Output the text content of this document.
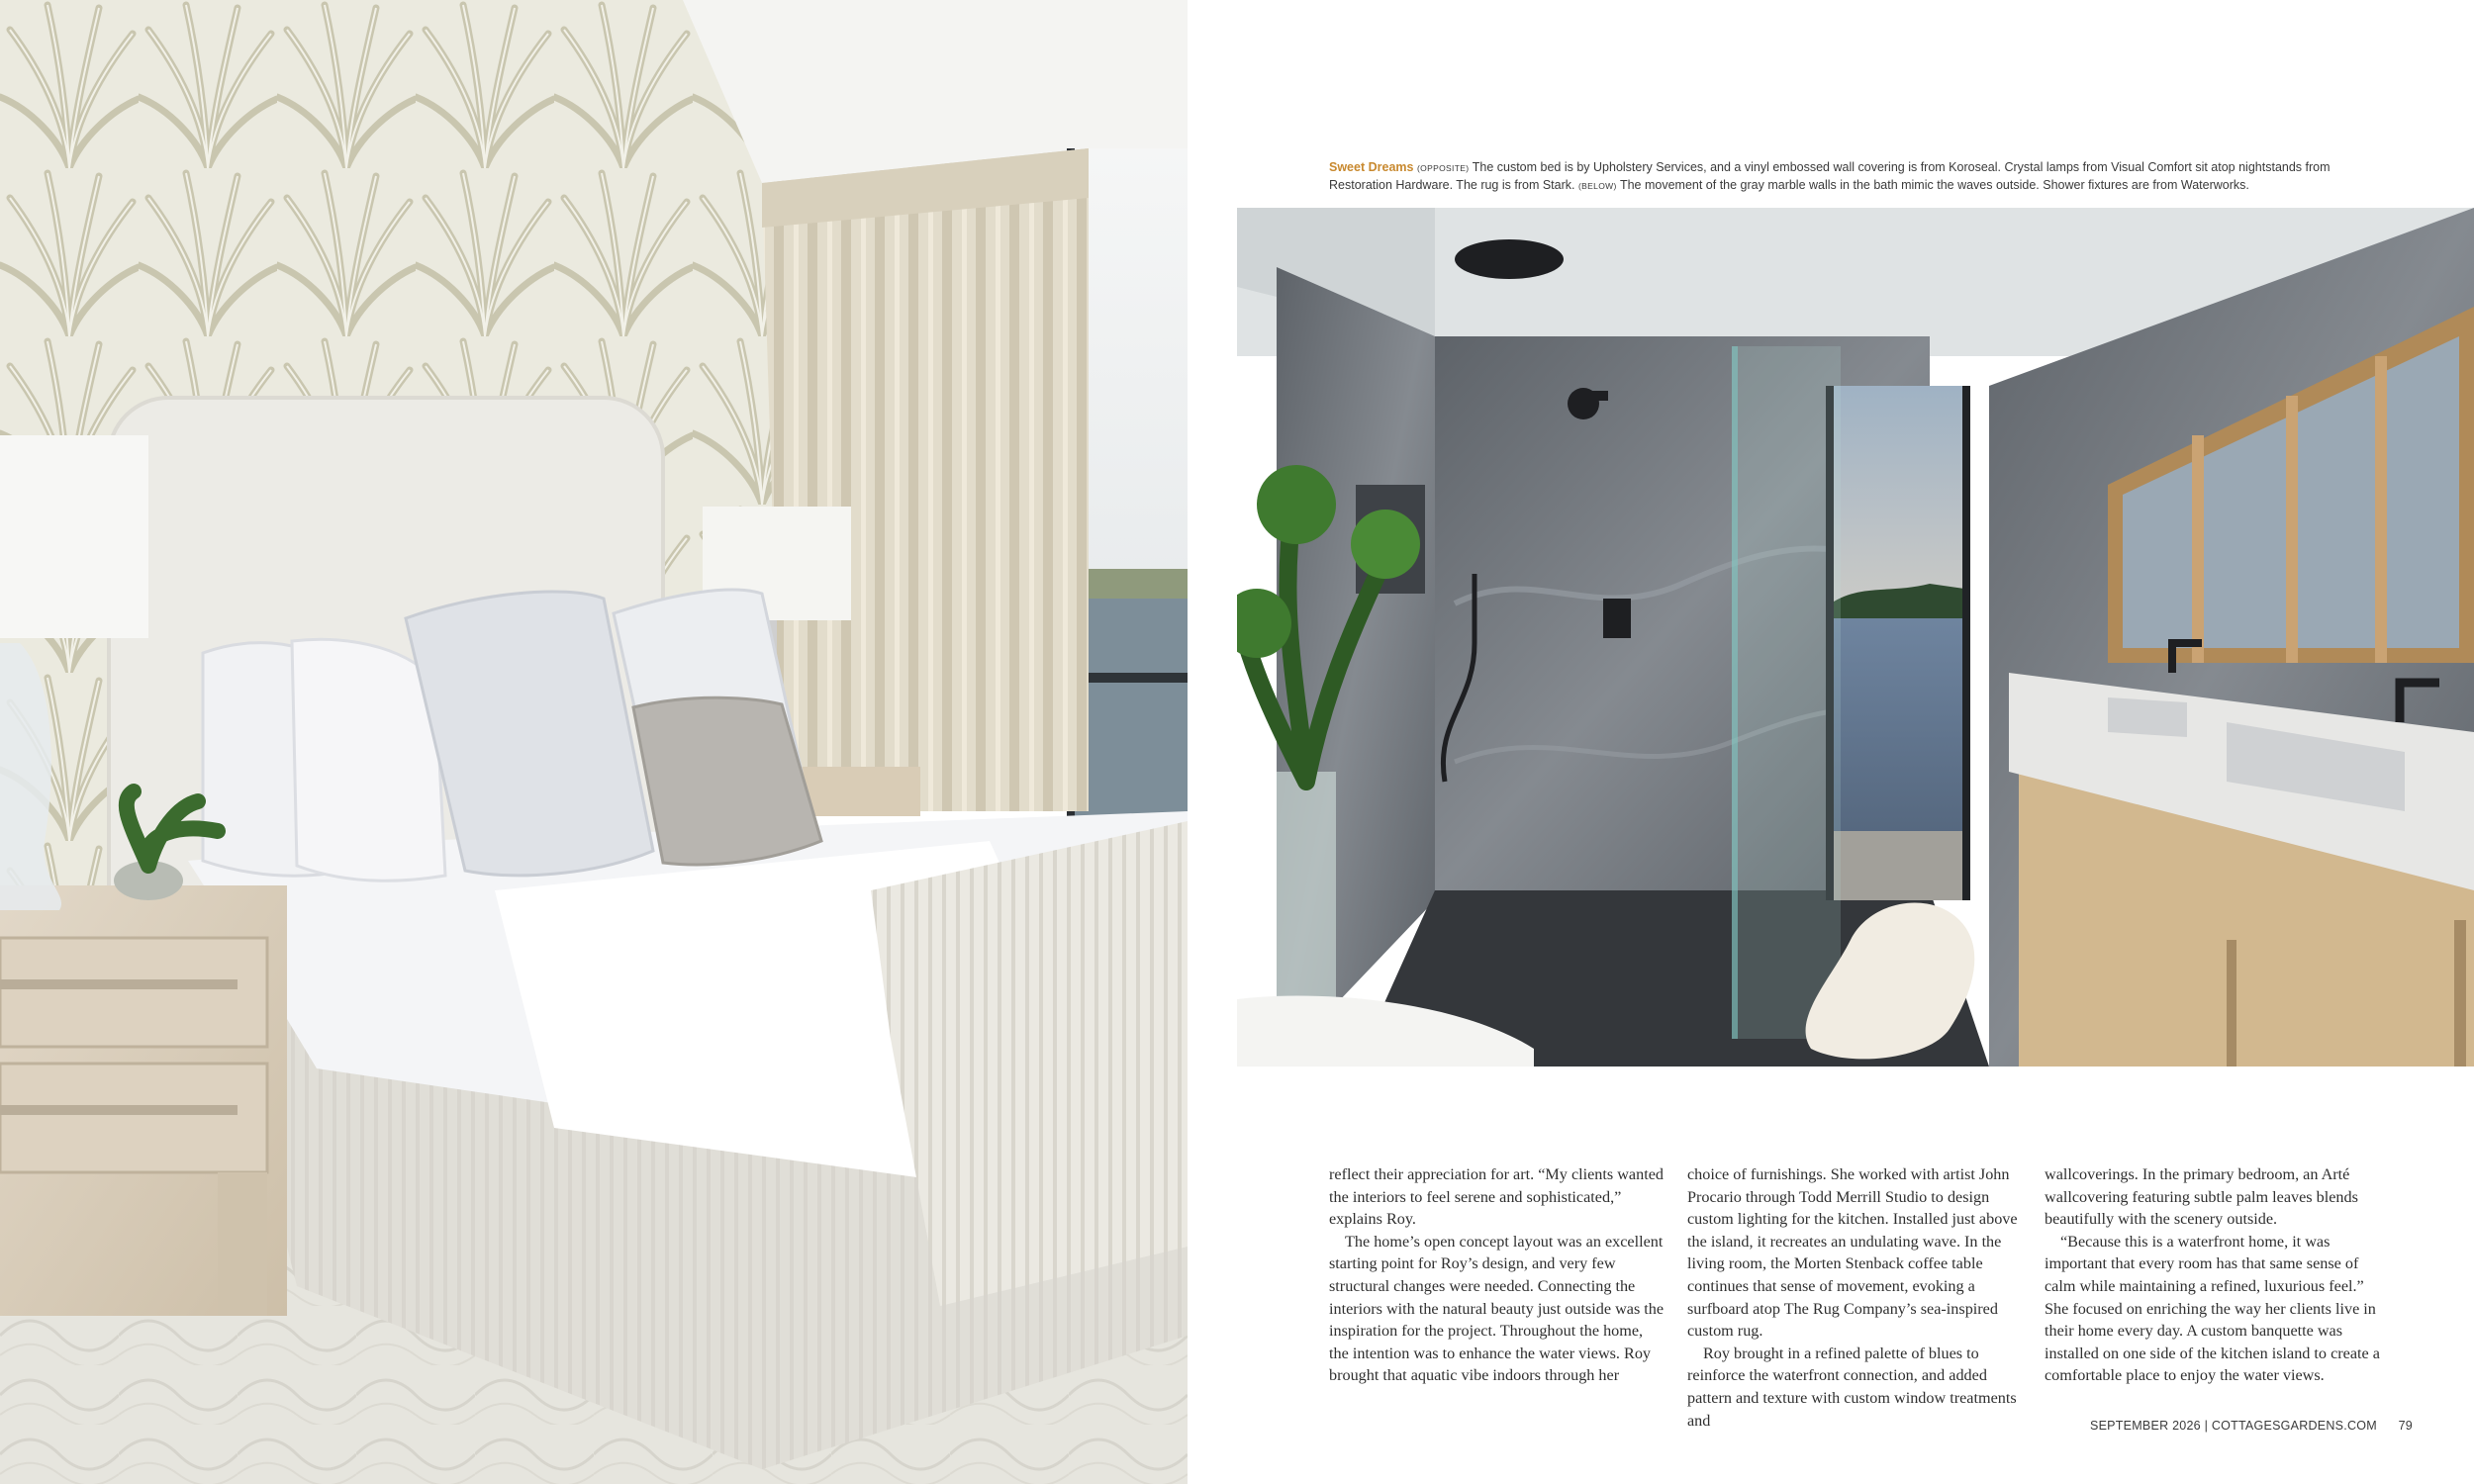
Sweet Dreams (OPPOSITE) The custom bed is by Upholstery Services, and a vinyl embossed wall covering is from Koroseal. Crystal lamps from Visual Comfort sit atop nightstands from Restoration Hardware. The rug is from Stark. (BELOW) The movement of the gray marble walls in the bath mimic the waves outside. Shower fixtures are from Waterworks.

reflect their appreciation for art. “My clients wanted the interiors to feel serene and sophisticated,” explains Roy.

The home’s open concept layout was an excellent starting point for Roy’s design, and very few structural changes were needed. Connecting the interiors with the natural beauty just outside was the inspiration for the project. Throughout the home, the intention was to enhance the water views. Roy brought that aquatic vibe indoors through her

choice of furnishings. She worked with artist John Procario through Todd Merrill Studio to design custom lighting for the kitchen. Installed just above the island, it recreates an undulating wave. In the living room, the Morten Stenback coffee table continues that sense of movement, evoking a surfboard atop The Rug Company’s sea-inspired custom rug.

Roy brought in a refined palette of blues to reinforce the waterfront connection, and added pattern and texture with custom window treatments and

wallcoverings. In the primary bedroom, an Arté wallcovering featuring subtle palm leaves blends beautifully with the scenery outside.

“Because this is a waterfront home, it was important that every room has that same sense of calm while maintaining a refined, luxurious feel.” She focused on enriching the way her clients live in their home every day. A custom banquette was installed on one side of the kitchen island to create a comfortable place to enjoy the water views.

SEPTEMBER 2026 | COTTAGESGARDENS.COM 79
